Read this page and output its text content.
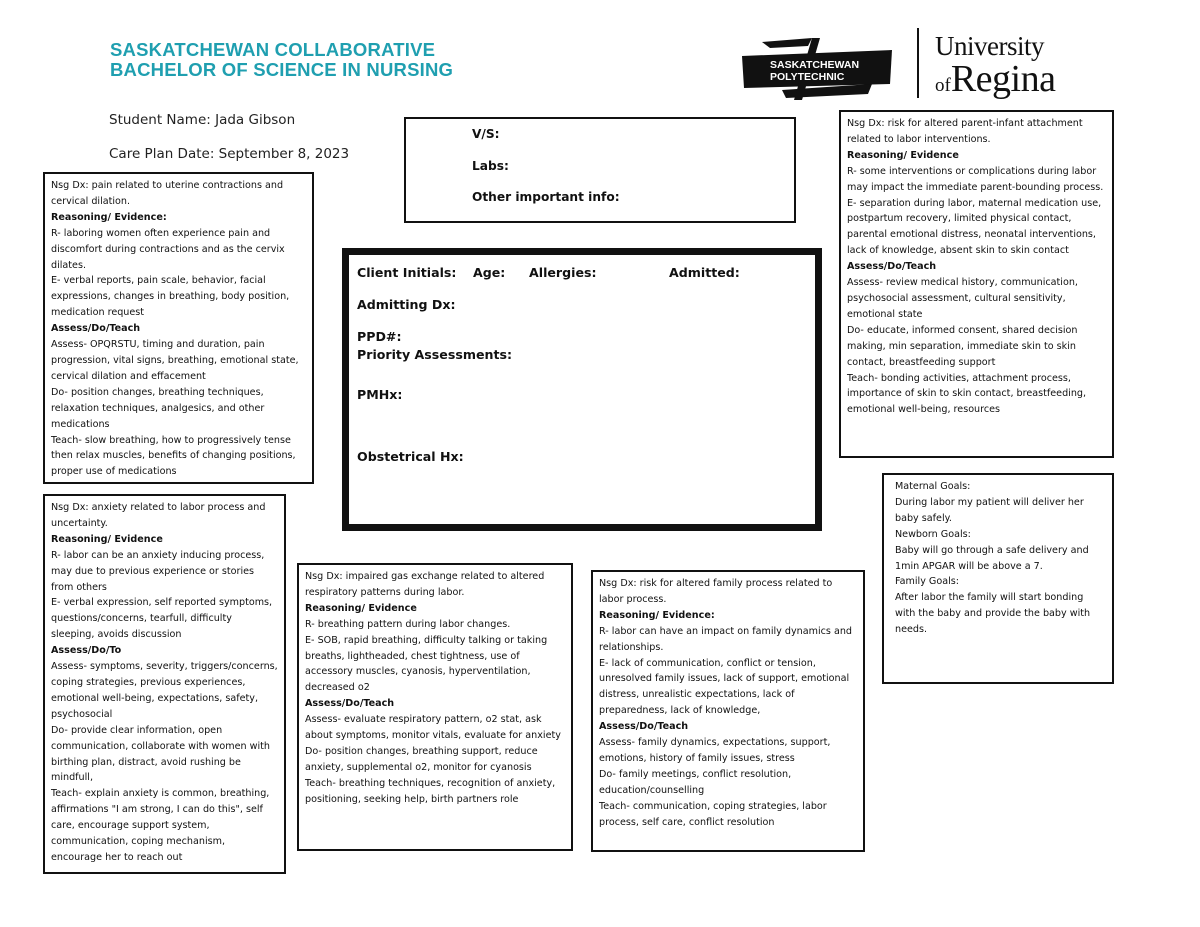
SASKATCHEWAN COLLABORATIVE
BACHELOR OF SCIENCE IN NURSING	SASKATCHEWAN
POLYTECHNIC
University
ofRegina
Student Name: Jada Gibson
Care Plan Date: September 8, 2023
V/S:
Labs:
Other important info:
Client Initials: Age: Allergies:	Admitted:
Admitting Dx:
PPD#:
Priority Assessments:
PMHx:
Obstetrical Hx:
Nsg Dx: pain related to uterine contractions and cervical dilation.
Reasoning/ Evidence:
R- laboring women often experience pain and discomfort during contractions and as the cervix dilates.
E- verbal reports, pain scale, behavior, facial expressions, changes in breathing, body position, medication request
Assess/Do/Teach
Assess- OPQRSTU, timing and duration, pain progression, vital signs, breathing, emotional state, cervical dilation and effacement
Do- position changes, breathing techniques, relaxation techniques, analgesics, and other medications
Teach- slow breathing, how to progressively tense then relax muscles, benefits of changing positions, proper use of medications
Nsg Dx: anxiety related to labor process and uncertainty.
Reasoning/ Evidence
R- labor can be an anxiety inducing process, may due to previous experience or stories from others
E- verbal expression, self reported symptoms, questions/concerns, tearfull, difficulty sleeping, avoids discussion
Assess/Do/To
Assess- symptoms, severity, triggers/concerns, coping strategies, previous experiences, emotional well-being, expectations, safety, psychosocial
Do- provide clear information, open communication, collaborate with women with birthing plan, distract, avoid rushing be mindfull,
Teach- explain anxiety is common, breathing, affirmations "I am strong, I can do this", self care, encourage support system, communication, coping mechanism, encourage her to reach out
Nsg Dx: impaired gas exchange related to altered respiratory patterns during labor.
Reasoning/ Evidence
R- breathing pattern during labor changes.
E- SOB, rapid breathing, difficulty talking or taking breaths, lightheaded, chest tightness, use of accessory muscles, cyanosis, hyperventilation, decreased o2
Assess/Do/Teach
Assess- evaluate respiratory pattern, o2 stat, ask about symptoms, monitor vitals, evaluate for anxiety
Do- position changes, breathing support, reduce anxiety, supplemental o2, monitor for cyanosis
Teach- breathing techniques, recognition of anxiety, positioning, seeking help, birth partners role
Nsg Dx: risk for altered family process related to labor process.
Reasoning/ Evidence:
R- labor can have an impact on family dynamics and relationships.
E- lack of communication, conflict or tension, unresolved family issues, lack of support, emotional distress, unrealistic expectations, lack of preparedness, lack of knowledge,
Assess/Do/Teach
Assess- family dynamics, expectations, support, emotions, history of family issues, stress
Do- family meetings, conflict resolution, education/counselling
Teach- communication, coping strategies, labor process, self care, conflict resolution
Nsg Dx: risk for altered parent-infant attachment related to labor interventions.
Reasoning/ Evidence
R- some interventions or complications during labor may impact the immediate parent-bounding process.
E- separation during labor, maternal medication use, postpartum recovery, limited physical contact, parental emotional distress, neonatal interventions, lack of knowledge, absent skin to skin contact
Assess/Do/Teach
Assess- review medical history, communication, psychosocial assessment, cultural sensitivity, emotional state
Do- educate, informed consent, shared decision making, min separation, immediate skin to skin contact, breastfeeding support
Teach- bonding activities, attachment process, importance of skin to skin contact, breastfeeding, emotional well-being, resources
Maternal Goals:
During labor my patient will deliver her baby safely.
Newborn Goals:
Baby will go through a safe delivery and 1min APGAR will be above a 7.
Family Goals:
After labor the family will start bonding with the baby and provide the baby with needs.
